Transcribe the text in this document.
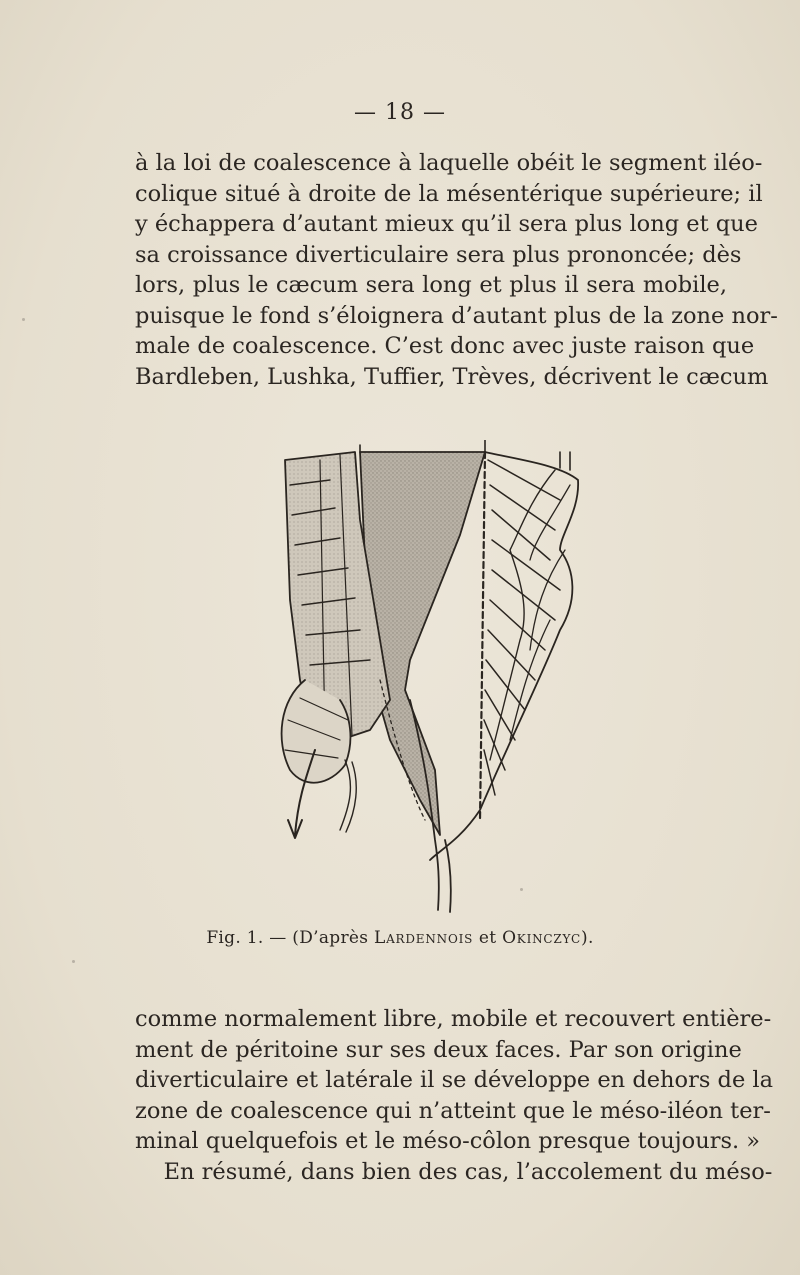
— 18 —
à la loi de coalescence à laquelle obéit le segment iléo-
colique situé à droite de la mésentérique supérieure; il
y échappera d’autant mieux qu’il sera plus long et que
sa croissance diverticulaire sera plus prononcée; dès
lors, plus le cæcum sera long et plus il sera mobile,
puisque le fond s’éloignera d’autant plus de la zone nor-
male de coalescence. C’est donc avec juste raison que
Bardleben, Lushka, Tuffier, Trèves, décrivent le cæcum
Fig. 1. — (D’après Lardennois et Okinczyc).
comme normalement libre, mobile et recouvert entière-
ment de péritoine sur ses deux faces. Par son origine
diverticulaire et latérale il se développe en dehors de la
zone de coalescence qui n’atteint que le méso-iléon ter-
minal quelquefois et le méso-côlon presque toujours. »
En résumé, dans bien des cas, l’accolement du méso-
